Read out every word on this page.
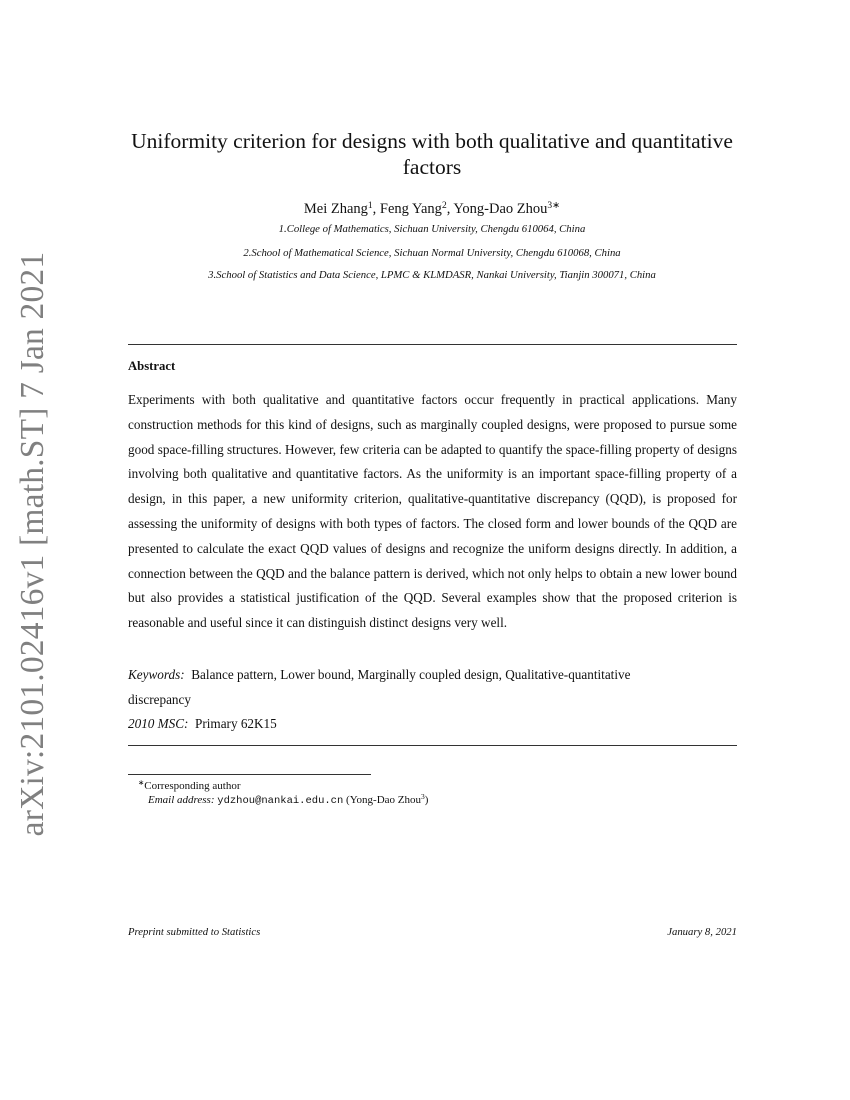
arXiv:2101.02416v1 [math.ST] 7 Jan 2021
Uniformity criterion for designs with both qualitative and quantitative
factors
Mei Zhang$^1$, Feng Yang$^2$, Yong-Dao Zhou$^{3∗}$
1.College of Mathematics, Sichuan University, Chengdu 610064, China
2.School of Mathematical Science, Sichuan Normal University, Chengdu 610068, China
3.School of Statistics and Data Science, LPMC & KLMDASR, Nankai University, Tianjin 300071, China
Abstract
Experiments with both qualitative and quantitative factors occur frequently in practical applications. Many construction methods for this kind of designs, such as marginally coupled designs, were proposed to pursue some good space-filling structures. However, few criteria can be adapted to quantify the space-filling property of designs involving both qualitative and quantitative factors. As the uniformity is an important space-filling property of a design, in this paper, a new uniformity criterion, qualitative-quantitative discrepancy (QQD), is proposed for assessing the uniformity of designs with both types of factors. The closed form and lower bounds of the QQD are presented to calculate the exact QQD values of designs and recognize the uniform designs directly. In addition, a connection between the QQD and the balance pattern is derived, which not only helps to obtain a new lower bound but also provides a statistical justification of the QQD. Several examples show that the proposed criterion is reasonable and useful since it can distinguish distinct designs very well.
Keywords: Balance pattern, Lower bound, Marginally coupled design, Qualitative-quantitative
discrepancy
2010 MSC: Primary 62K15
∗Corresponding author
Email address: ydzhou@nankai.edu.cn (Yong-Dao Zhou$^3$)
Preprint submitted to Statistics	January 8, 2021
